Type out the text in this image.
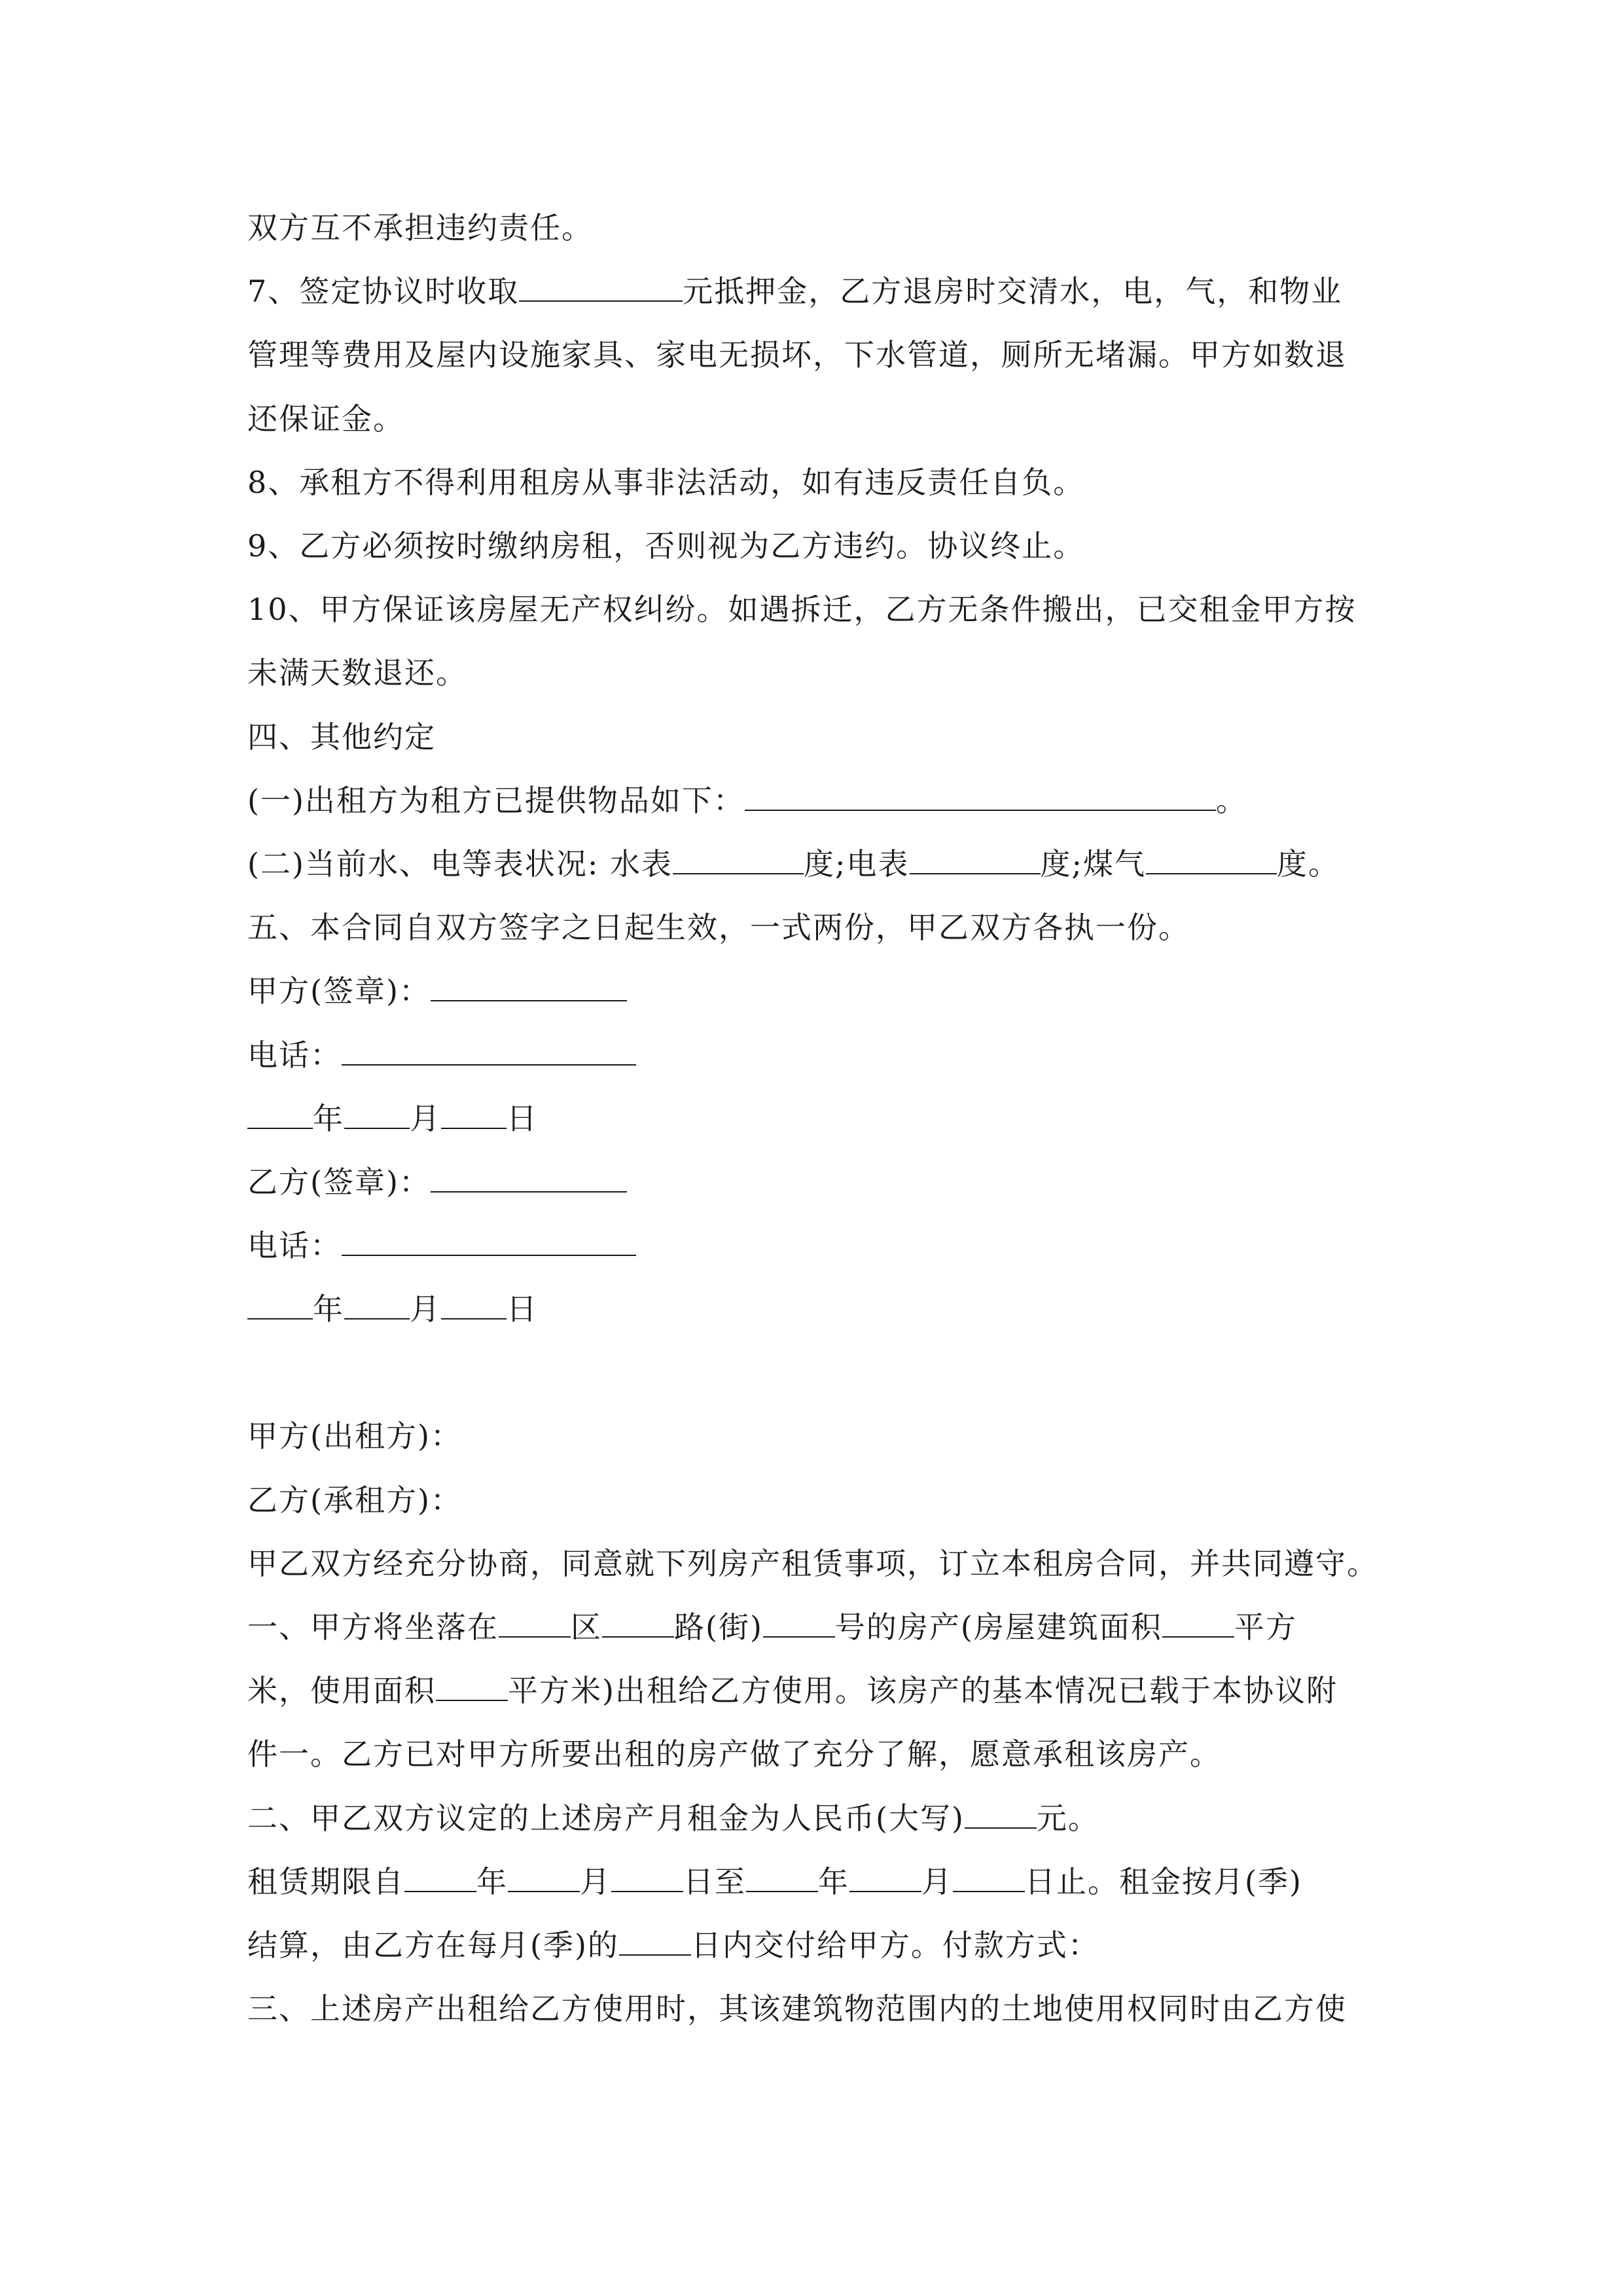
双方互不承担违约责任。
7、签定协议时收取	元抵押金，乙方退房时交清水，电，气，和物业
管理等费用及屋内设施家具、家电无损坏，下水管道，厕所无堵漏。甲方如数退
还保证金。
8、承租方不得利用租房从事非法活动，如有违反责任自负。
9、乙方必须按时缴纳房租，否则视为乙方违约。协议终止。
10、甲方保证该房屋无产权纠纷。如遇拆迁，乙方无条件搬出，已交租金甲方按
未满天数退还。
四、其他约定
(一)出租方为租方已提供物品如下：	。
(二)当前水、电等表状况: 水表	度;电表	度;煤气	度。
五、本合同自双方签字之日起生效，一式两份，甲乙双方各执一份。
甲方(签章)：
电话：
年 月 日
乙方(签章)：
电话：
年 月 日
甲方(出租方)：
乙方(承租方)：
甲乙双方经充分协商，同意就下列房产租赁事项，订立本租房合同，并共同遵守。
一、甲方将坐落在 区 路(街) 号的房产(房屋建筑面积 平方
米，使用面积 平方米)出租给乙方使用。该房产的基本情况已载于本协议附
件一。乙方已对甲方所要出租的房产做了充分了解，愿意承租该房产。
二、甲乙双方议定的上述房产月租金为人民币(大写) 元。
租赁期限自 年 月 日至 年 月 日止。租金按月(季)
结算，由乙方在每月(季)的 日内交付给甲方。付款方式：
三、上述房产出租给乙方使用时，其该建筑物范围内的土地使用权同时由乙方使
